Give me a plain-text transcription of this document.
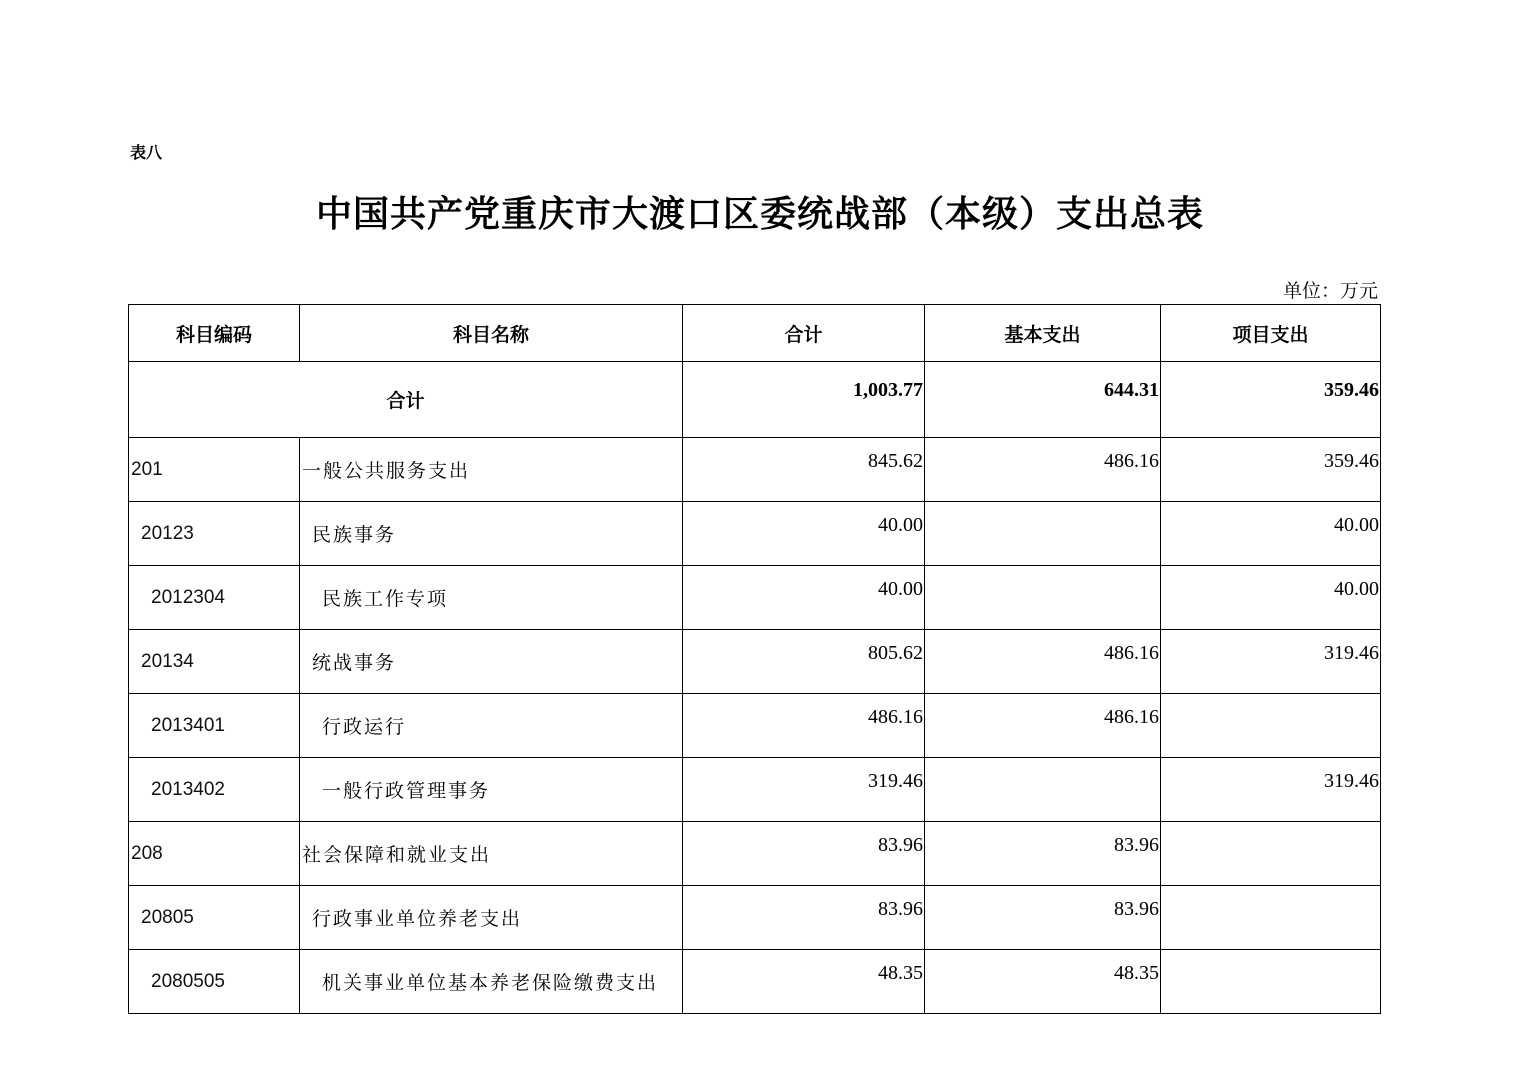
表八
中国共产党重庆市大渡口区委统战部（本级）支出总表
单位：万元
科目编码	科目名称	合计	基本支出	项目支出
合计		1,003.77	644.31	359.46
201	一般公共服务支出	845.62	486.16	359.46
20123	民族事务	40.00		40.00
2012304	民族工作专项	40.00		40.00
20134	统战事务	805.62	486.16	319.46
2013401	行政运行	486.16	486.16	
2013402	一般行政管理事务	319.46		319.46
208	社会保障和就业支出	83.96	83.96	
20805	行政事业单位养老支出	83.96	83.96	
2080505	机关事业单位基本养老保险缴费支出	48.35	48.35	
